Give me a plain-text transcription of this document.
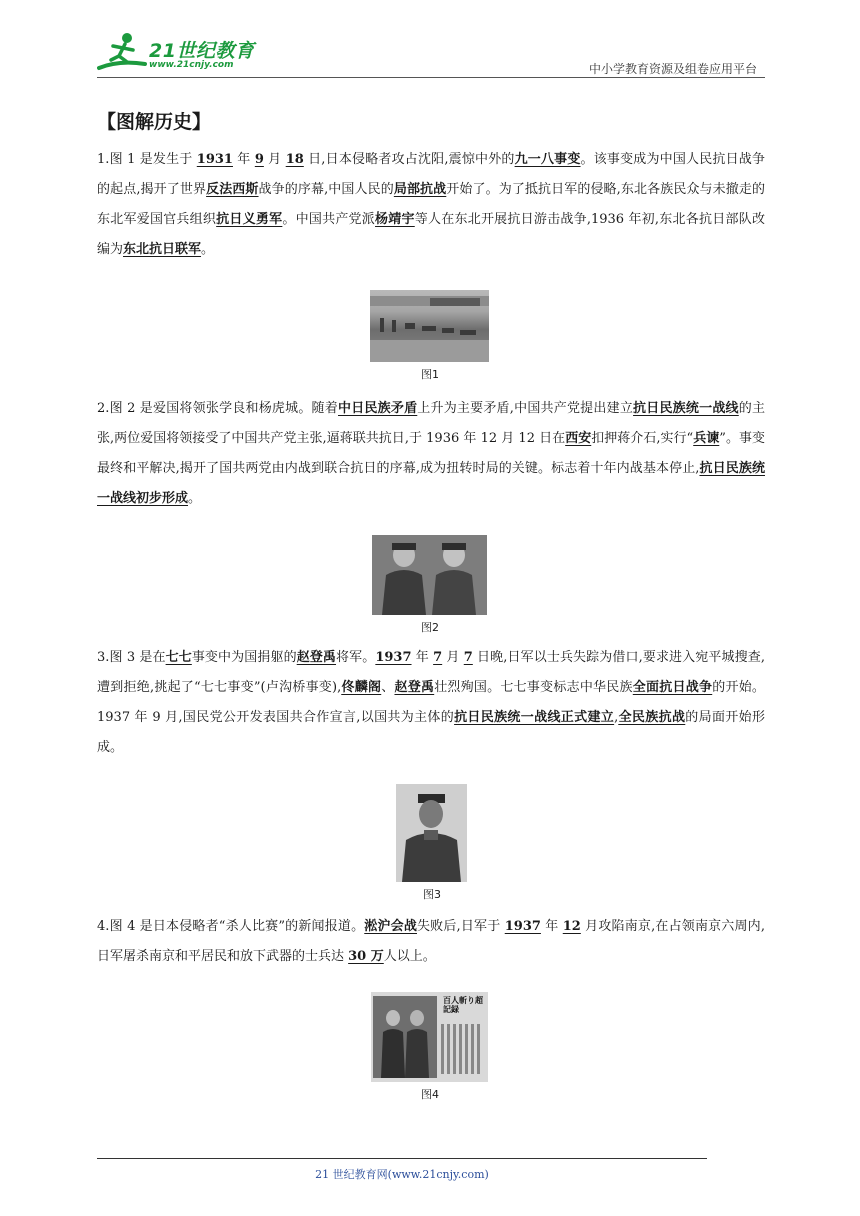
21世纪教育
www.21cnjy.com	中小学教育资源及组卷应用平台
【图解历史】
1.图 1 是发生于 1931 年 9 月 18 日,日本侵略者攻占沈阳,震惊中外的九一八事变。该事变成为中国人民抗日战争的起点,揭开了世界反法西斯战争的序幕,中国人民的局部抗战开始了。为了抵抗日军的侵略,东北各族民众与未撤走的东北军爱国官兵组织抗日义勇军。中国共产党派杨靖宇等人在东北开展抗日游击战争,1936 年初,东北各抗日部队改编为东北抗日联军。
图1
2.图 2 是爱国将领张学良和杨虎城。随着中日民族矛盾上升为主要矛盾,中国共产党提出建立抗日民族统一战线的主张,两位爱国将领接受了中国共产党主张,逼蒋联共抗日,于 1936 年 12 月 12 日在西安扣押蒋介石,实行“兵谏”。事变最终和平解决,揭开了国共两党由内战到联合抗日的序幕,成为扭转时局的关键。标志着十年内战基本停止,抗日民族统一战线初步形成。
图2
3.图 3 是在七七事变中为国捐躯的赵登禹将军。1937 年 7 月 7 日晚,日军以士兵失踪为借口,要求进入宛平城搜查,遭到拒绝,挑起了“七七事变”(卢沟桥事变),佟麟阁、赵登禹壮烈殉国。七七事变标志中华民族全面抗日战争的开始。1937 年 9 月,国民党公开发表国共合作宣言,以国共为主体的抗日民族统一战线正式建立,全民族抗战的局面开始形成。
图3
4.图 4 是日本侵略者“杀人比赛”的新闻报道。淞沪会战失败后,日军于 1937 年 12 月攻陷南京,在占领南京六周内,日军屠杀南京和平居民和放下武器的士兵达 30 万人以上。
百人斬り超記録
图4
21 世纪教育网(www.21cnjy.com)
